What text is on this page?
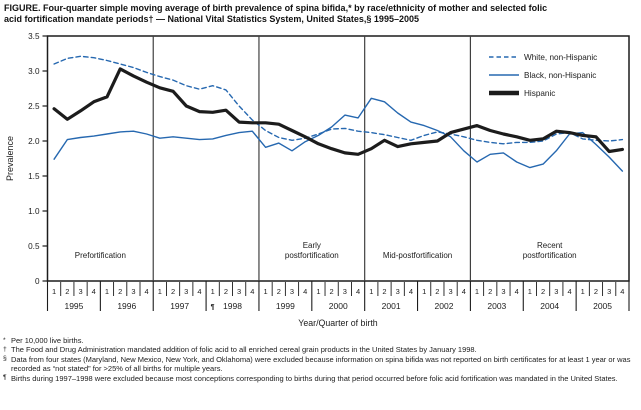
FIGURE. Four-quarter simple moving average of birth prevalence of spina bifida,* by race/ethnicity of mother and selected folic
acid fortification mandate periods† — National Vital Statistics System, United States,§ 1995–2005
0
0.5
1.0
1.5
2.0
2.5
3.0
3.5
Prevalence
Prefortification
Early
postfortification	Mid-postfortification
Recent
postfortification
White, non-Hispanic
Black, non-Hispanic
Hispanic
1 2 3 4 1 2 3 4 1 2 3 4 1 2 3 4 1 2 3 4 1 2 3 4 1 2 3 4 1 2 3 4 1 2 3 4 1 2 3 4 1 2 3 4
1995	1996	1997	1998
¶	1999	2000	2001	2002	2003	2004	2005
Year/Quarter of birth
* Per 10,000 live births.
† The Food and Drug Administration mandated addition of folic acid to all enriched cereal grain products in the United States by January 1998.
§ Data from four states (Maryland, New Mexico, New York, and Oklahoma) were excluded because information on spina bifida was not reported on birth certificates for at least 1 year or was recorded as “not stated” for >25% of all births for multiple years.
¶ Births during 1997–1998 were excluded because most conceptions corresponding to births during that period occurred before folic acid fortification was mandated in the United States.
